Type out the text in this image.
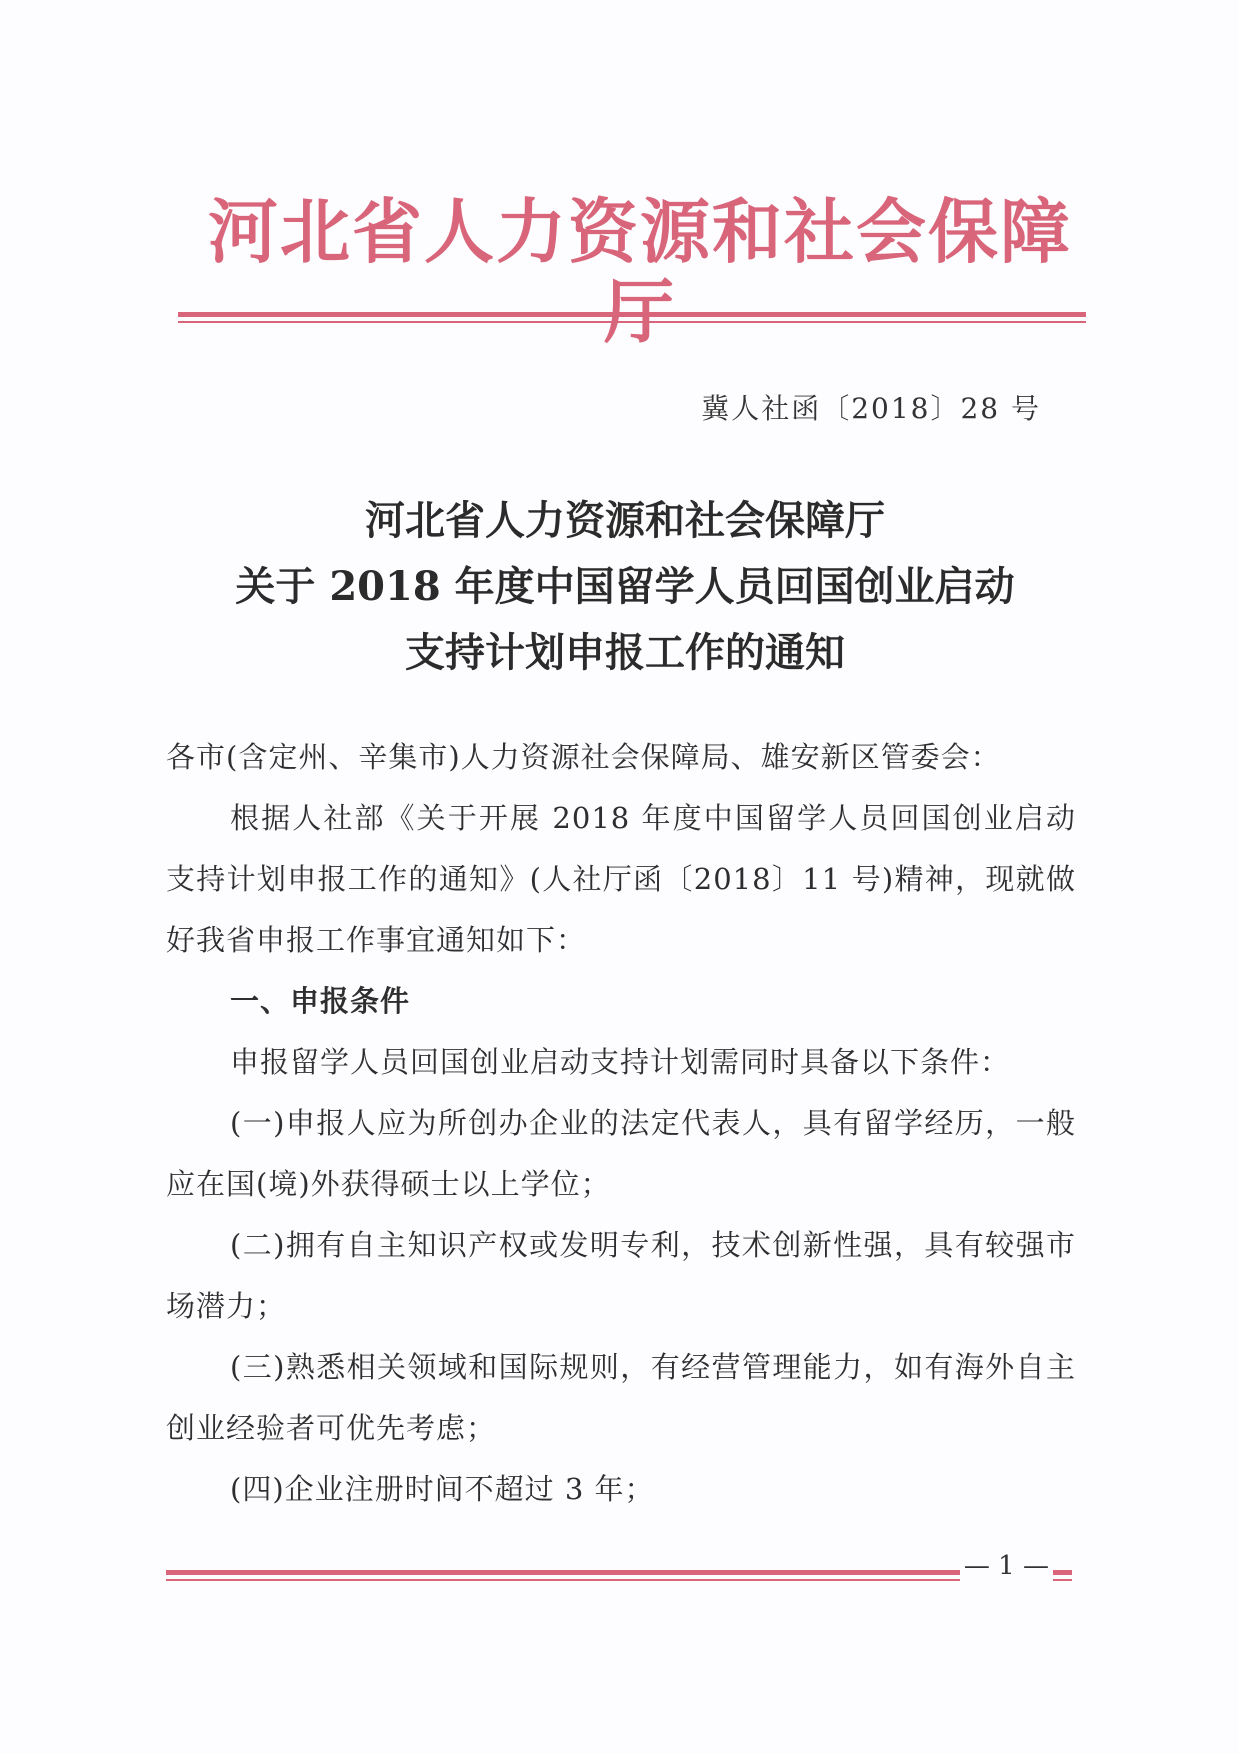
河北省人力资源和社会保障
冀人社函〔2018〕28 号
河北省人力资源和社会保障厅
关于 2018 年度中国留学人员回国创业启动
支持计划申报工作的通知

各市(含定州、辛集市)人力资源社会保障局、雄安新区管委会：

根据人社部《关于开展 2018 年度中国留学人员回国创业启动支持计划申报工作的通知》(人社厅函〔2018〕11 号)精神，现就做好我省申报工作事宜通知如下：

一、申报条件

申报留学人员回国创业启动支持计划需同时具备以下条件：

(一)申报人应为所创办企业的法定代表人，具有留学经历，一般应在国(境)外获得硕士以上学位；

(二)拥有自主知识产权或发明专利，技术创新性强，具有较强市场潜力；

(三)熟悉相关领域和国际规则，有经营管理能力，如有海外自主创业经验者可优先考虑；

(四)企业注册时间不超过 3 年；

— 1 —
